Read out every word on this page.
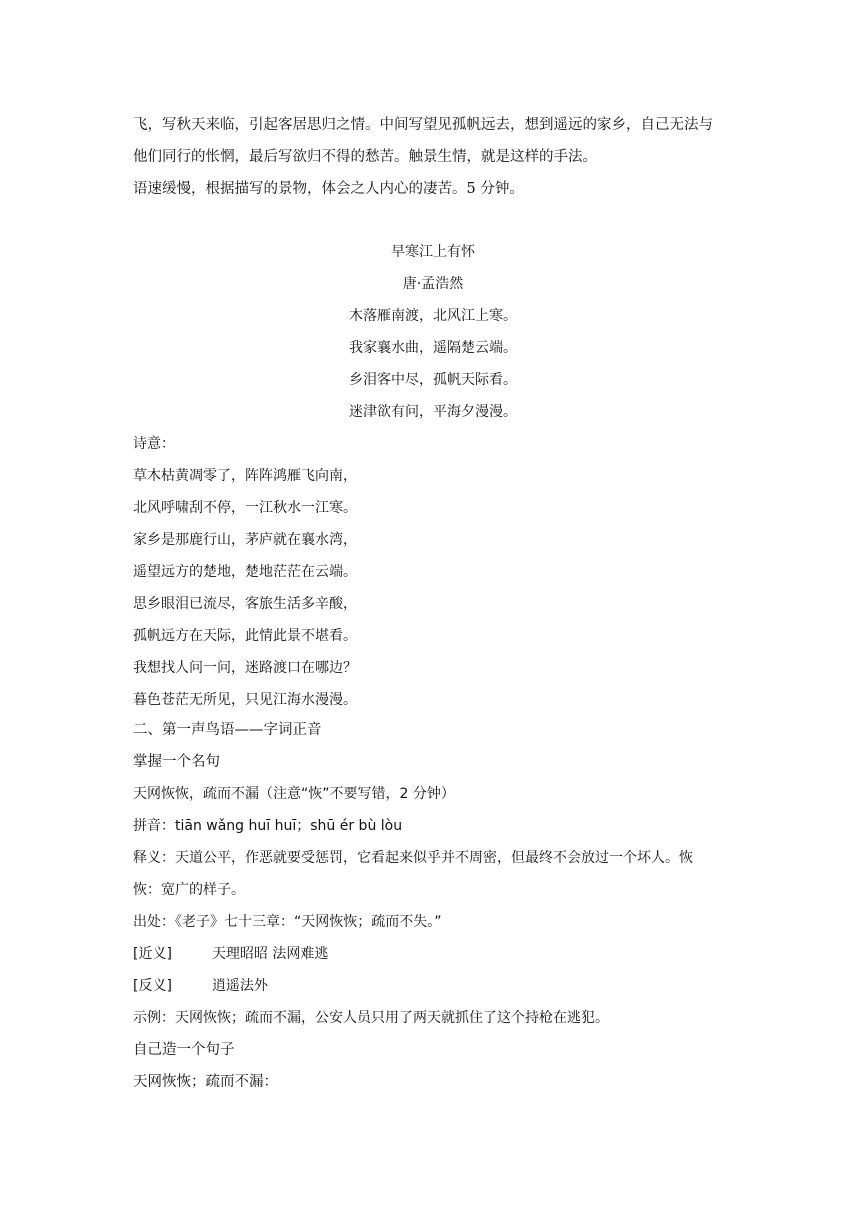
飞，写秋天来临，引起客居思归之情。中间写望见孤帆远去，想到遥远的家乡，自己无法与
他们同行的怅惘，最后写欲归不得的愁苦。触景生情，就是这样的手法。
语速缓慢，根据描写的景物，体会之人内心的凄苦。5 分钟。
早寒江上有怀
唐·孟浩然
木落雁南渡，北风江上寒。
我家襄水曲，遥隔楚云端。
乡泪客中尽，孤帆天际看。
迷津欲有问，平海夕漫漫。
诗意：
草木枯黄凋零了，阵阵鸿雁飞向南，
北风呼啸刮不停，一江秋水一江寒。
家乡是那鹿行山，茅庐就在襄水湾，
遥望远方的楚地，楚地茫茫在云端。
思乡眼泪已流尽，客旅生活多辛酸，
孤帆远方在天际，此情此景不堪看。
我想找人问一问，迷路渡口在哪边？
暮色苍茫无所见，只见江海水漫漫。
二、第一声鸟语——字词正音
掌握一个名句
天网恢恢，疏而不漏（注意“恢”不要写错，2 分钟）
拼音：tiān wǎng huī huī；shū ér bù lòu
释义：天道公平，作恶就要受惩罚，它看起来似乎并不周密，但最终不会放过一个坏人。恢
恢：宽广的样子。
出处：《老子》七十三章：“天网恢恢；疏而不失。”
[近义]	天理昭昭 法网难逃
[反义]	逍遥法外
示例：天网恢恢；疏而不漏，公安人员只用了两天就抓住了这个持枪在逃犯。
自己造一个句子
天网恢恢；疏而不漏：
